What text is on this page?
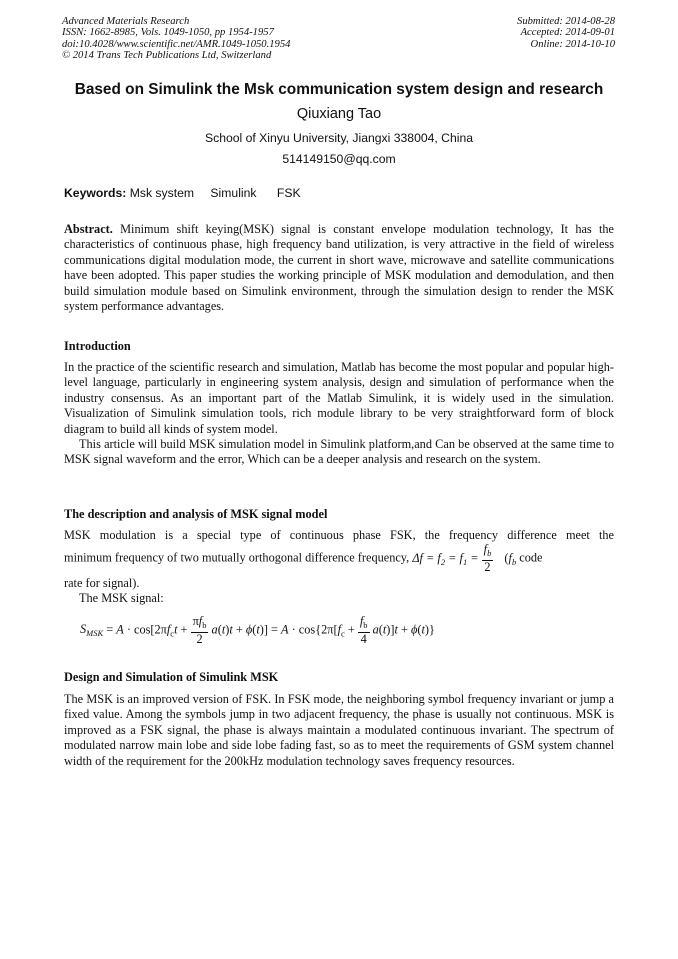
Advanced Materials Research
ISSN: 1662-8985, Vols. 1049-1050, pp 1954-1957
doi:10.4028/www.scientific.net/AMR.1049-1050.1954
© 2014 Trans Tech Publications Ltd, Switzerland
Submitted: 2014-08-28
Accepted: 2014-09-01
Online: 2014-10-10
Based on Simulink the Msk communication system design and research
Qiuxiang Tao
School of Xinyu University, Jiangxi 338004, China
514149150@qq.com
Keywords: Msk system Simulink FSK
Abstract. Minimum shift keying(MSK) signal is constant envelope modulation technology, It has the characteristics of continuous phase, high frequency band utilization, is very attractive in the field of wireless communications digital modulation mode, the current in short wave, microwave and satellite communications have been adopted. This paper studies the working principle of MSK modulation and demodulation, and then build simulation module based on Simulink environment, through the simulation design to render the MSK system performance advantages.
Introduction
In the practice of the scientific research and simulation, Matlab has become the most popular and popular high-level language, particularly in engineering system analysis, design and simulation of performance when the industry consensus. As an important part of the Matlab Simulink, it is widely used in the simulation. Visualization of Simulink simulation tools, rich module library to be very straightforward form of block diagram to build all kinds of system model.
This article will build MSK simulation model in Simulink platform,and Can be observed at the same time to MSK signal waveform and the error, Which can be a deeper analysis and research on the system.
The description and analysis of MSK signal model
MSK modulation is a special type of continuous phase FSK, the frequency difference meet the
minimum frequency of two mutually orthogonal difference frequency, $\Delta f = f_2 = f_1 = \frac{f_b}{2} (f_b$ code
rate for signal).
The MSK signal:
$S_{MSK} = A \cdot \cos[2\pi f_ct + \frac{\pi f_b}{2} a(t)t + \phi(t)] = A \cdot \cos\{2\pi[f_c + \frac{f_b}{4} a(t)]t + \phi(t)\}$
Design and Simulation of Simulink MSK
The MSK is an improved version of FSK. In FSK mode, the neighboring symbol frequency invariant or jump a fixed value. Among the symbols jump in two adjacent frequency, the phase is usually not continuous. MSK is improved as a FSK signal, the phase is always maintain a modulated continuous invariant. The spectrum of modulated narrow main lobe and side lobe fading fast, so as to meet the requirements of GSM system channel width of the requirement for the 200kHz modulation technology saves frequency resources.
